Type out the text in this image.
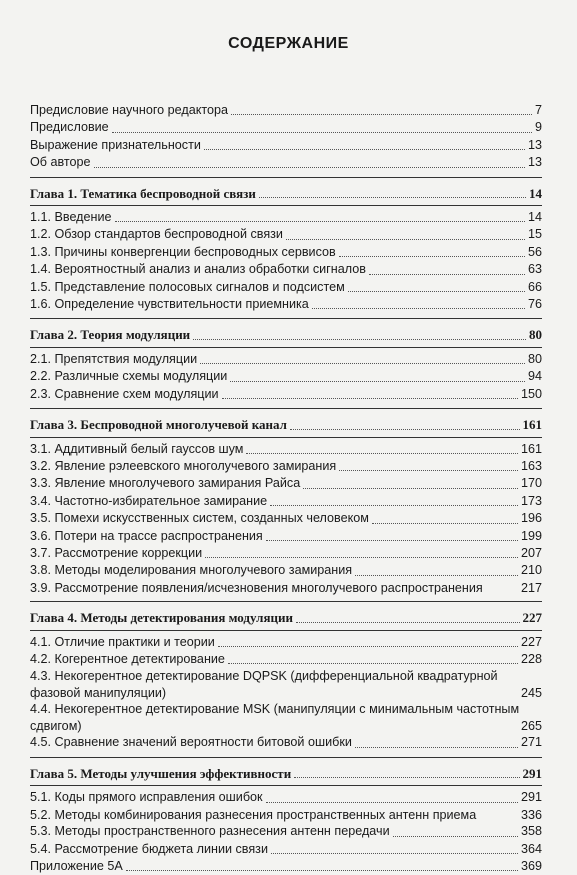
СОДЕРЖАНИЕ
Предисловие научного редактора	7
Предисловие	9
Выражение признательности	13
Об авторе	13
Глава 1. Тематика беспроводной связи	14
1.1. Введение	14
1.2. Обзор стандартов беспроводной связи	15
1.3. Причины конвергенции беспроводных сервисов	56
1.4. Вероятностный анализ и анализ обработки сигналов	63
1.5. Представление полосовых сигналов и подсистем	66
1.6. Определение чувствительности приемника	76
Глава 2. Теория модуляции	80
2.1. Препятствия модуляции	80
2.2. Различные схемы модуляции	94
2.3. Сравнение схем модуляции	150
Глава 3. Беспроводной многолучевой канал	161
3.1. Аддитивный белый гауссов шум	161
3.2. Явление рэлеевского многолучевого замирания	163
3.3. Явление многолучевого замирания Райса	170
3.4. Частотно-избирательное замирание	173
3.5. Помехи искусственных систем, созданных человеком	196
3.6. Потери на трассе распространения	199
3.7. Рассмотрение коррекции	207
3.8. Методы моделирования многолучевого замирания	210
3.9. Рассмотрение появления/исчезновения многолучевого распространения	217
Глава 4. Методы детектирования модуляции	227
4.1. Отличие практики и теории	227
4.2. Когерентное детектирование	228
4.3. Некогерентное детектирование DQPSK (дифференциальной квадратурной фазовой манипуляции)	245
4.4. Некогерентное детектирование MSK (манипуляции с минимальным частотным сдвигом)	265
4.5. Сравнение значений вероятности битовой ошибки	271
Глава 5. Методы улучшения эффективности	291
5.1. Коды прямого исправления ошибок	291
5.2. Методы комбинирования разнесения пространственных антенн приема	336
5.3. Методы пространственного разнесения антенн передачи	358
5.4. Рассмотрение бюджета линии связи	364
Приложение 5А	369
